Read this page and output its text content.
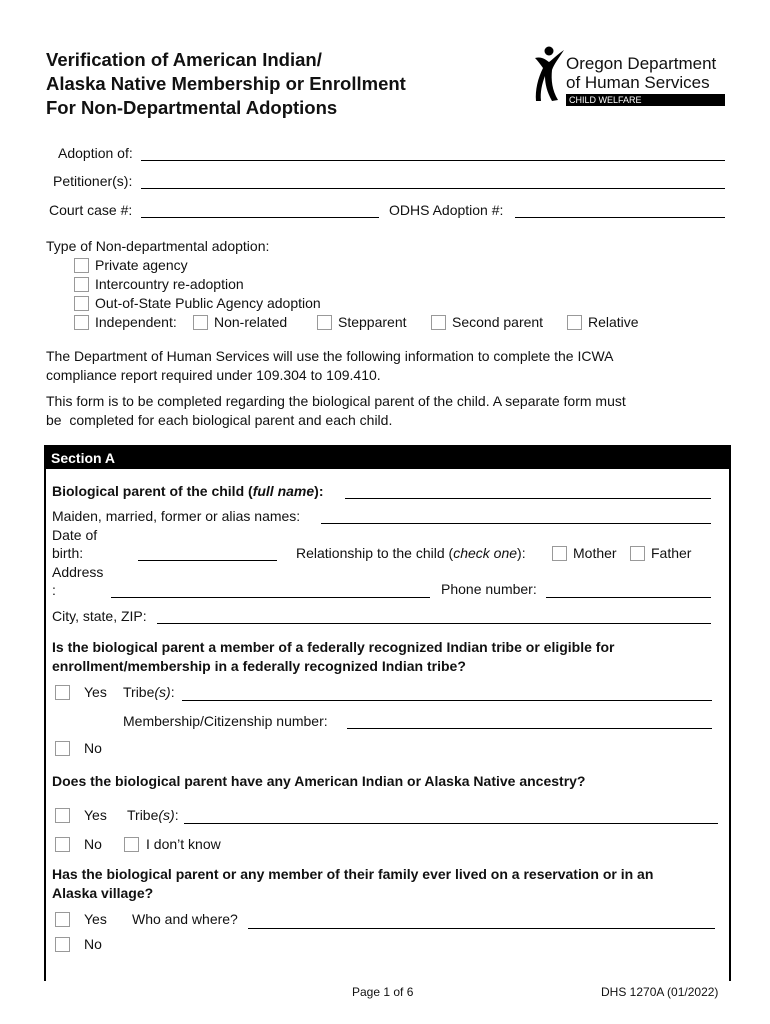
Verification of American Indian/
Alaska Native Membership or Enrollment
For Non-Departmental Adoptions
Oregon Department
of Human Services
CHILD WELFARE
Adoption of:
Petitioner(s):
Court case #:	ODHS Adoption #:
Type of Non-departmental adoption:
Private agency
Intercountry re-adoption
Out-of-State Public Agency adoption
Independent:	Non-related	Stepparent	Second parent	Relative
The Department of Human Services will use the following information to complete the ICWA
compliance report required under 109.304 to 109.410.
This form is to be completed regarding the biological parent of the child. A separate form must
be  completed for each biological parent and each child.
Section A
Biological parent of the child (full name):
Maiden, married, former or alias names:
Date of
birth:	Relationship to the child (check one):	Mother Father
Address
:	Phone number:
City, state, ZIP:
Is the biological parent a member of a federally recognized Indian tribe or eligible for
enrollment/membership in a federally recognized Indian tribe?
Yes Tribe(s):
Membership/Citizenship number:
No
Does the biological parent have any American Indian or Alaska Native ancestry?
Yes Tribe(s):
No	I don’t know
Has the biological parent or any member of their family ever lived on a reservation or in an
Alaska village?
Yes Who and where?
No
Page 1 of 6	DHS 1270A (01/2022)
